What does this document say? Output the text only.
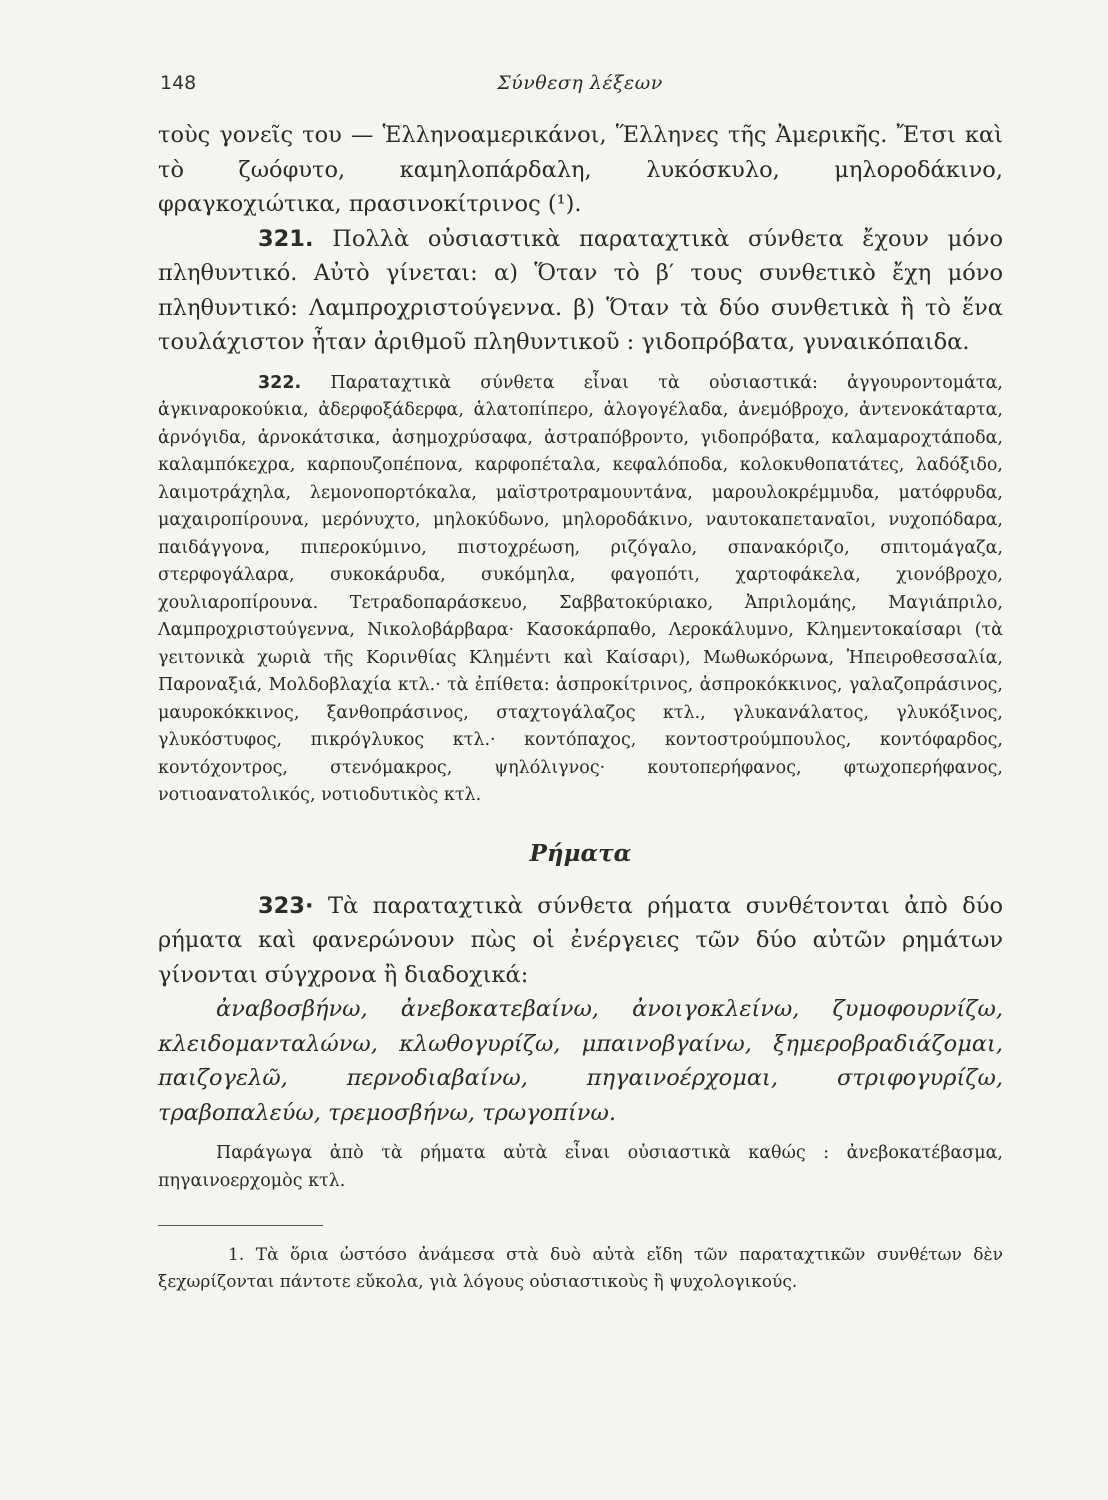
148	Σύνθεση λέξεων

τοὺς γονεῖς του — Ἑλληνοαμερικάνοι, Ἕλληνες τῆς Ἀμερικῆς. Ἔτσι καὶ τὸ ζωόφυτο, καμηλοπάρδαλη, λυκόσκυλο, μηλοροδάκινο, φραγκοχιώτικα, πρασινοκίτρινος (¹).

321. Πολλὰ οὐσιαστικὰ παραταχτικὰ σύνθετα ἔχουν μόνο πληθυντικό. Αὐτὸ γίνεται: α) Ὅταν τὸ β′ τους συνθετικὸ ἔχη μόνο πληθυντικό: Λαμπροχριστούγεννα. β) Ὅταν τὰ δύο συνθετικὰ ἢ τὸ ἕνα τουλάχιστον ἦταν ἀριθμοῦ πληθυντικοῦ : γιδοπρόβατα, γυναικόπαιδα.

322. Παραταχτικὰ σύνθετα εἶναι τὰ οὐσιαστικά: ἀγγουροντομάτα, ἀγκιναροκούκια, ἀδερφοξάδερφα, ἁλατοπίπερο, ἀλογογέλαδα, ἀνεμόβροχο, ἀντενοκάταρτα, ἀρνόγιδα, ἀρνοκάτσικα, ἀσημοχρύσαφα, ἀστραπόβροντο, γιδοπρόβατα, καλαμαροχτάποδα, καλαμπόκεχρα, καρπουζοπέπονα, καρφοπέταλα, κεφαλόποδα, κολοκυθοπατάτες, λαδόξιδο, λαιμοτράχηλα, λεμονοπορτόκαλα, μαϊστροτραμουντάνα, μαρουλοκρέμμυδα, ματόφρυδα, μαχαιροπίρουνα, μερόνυχτο, μηλοκύδωνο, μηλοροδάκινο, ναυτοκαπεταναῖοι, νυχοπόδαρα, παιδάγγονα, πιπεροκύμινο, πιστοχρέωση, ριζόγαλο, σπανακόριζο, σπιτομάγαζα, στερφογάλαρα, συκοκάρυδα, συκόμηλα, φαγοπότι, χαρτοφάκελα, χιονόβροχο, χουλιαροπίρουνα. Τετραδοπαράσκευο, Σαββατοκύριακο, Ἀπριλομάης, Μαγιάπριλο, Λαμπροχριστούγεννα, Νικολοβάρβαρα· Κασοκάρπαθο, Λεροκάλυμνο, Κλημεντοκαίσαρι (τὰ γειτονικὰ χωριὰ τῆς Κορινθίας Κλημέντι καὶ Καίσαρι), Μωθωκόρωνα, Ἠπειροθεσσαλία, Παροναξιά, Μολδοβλαχία κτλ.· τὰ ἐπίθετα: ἀσπροκίτρινος, ἀσπροκόκκινος, γαλαζοπράσινος, μαυροκόκκινος, ξανθοπράσινος, σταχτογάλαζος κτλ., γλυκανάλατος, γλυκόξινος, γλυκόστυφος, πικρόγλυκος κτλ.· κοντόπαχος, κοντοστρούμπουλος, κοντόφαρδος, κοντόχοντρος, στενόμακρος, ψηλόλιγνος· κουτοπερήφανος, φτωχοπερήφανος, νοτιοανατολικός, νοτιοδυτικὸς κτλ.

Ρήματα

323· Τὰ παραταχτικὰ σύνθετα ρήματα συνθέτονται ἀπὸ δύο ρήματα καὶ φανερώνουν πὼς οἱ ἐνέργειες τῶν δύο αὐτῶν ρημάτων γίνονται σύγχρονα ἢ διαδοχικά:

ἀναβοσβήνω, ἀνεβοκατεβαίνω, ἀνοιγοκλείνω, ζυμοφουρνίζω, κλειδομανταλώνω, κλωθογυρίζω, μπαινοβγαίνω, ξημεροβραδιάζομαι, παιζογελῶ, περνοδιαβαίνω, πηγαινοέρχομαι, στριφογυρίζω, τραβοπαλεύω, τρεμοσβήνω, τρωγοπίνω.

Παράγωγα ἀπὸ τὰ ρήματα αὐτὰ εἶναι οὐσιαστικὰ καθώς : ἀνεβοκατέβασμα, πηγαινοερχομὸς κτλ.

1. Τὰ ὅρια ὡστόσο ἀνάμεσα στὰ δυὸ αὐτὰ εἴδη τῶν παραταχτικῶν συνθέτων δὲν ξεχωρίζονται πάντοτε εὔκολα, γιὰ λόγους οὐσιαστικοὺς ἢ ψυχολογικούς.
